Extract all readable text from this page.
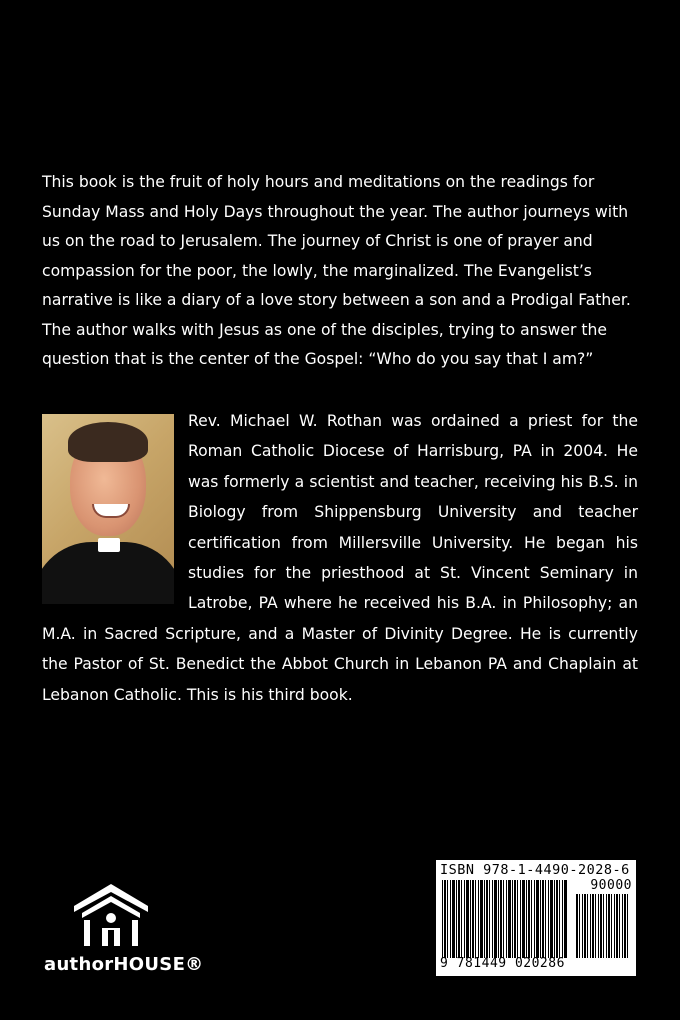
This book is the fruit of holy hours and meditations on the readings for Sunday Mass and Holy Days throughout the year. The author journeys with us on the road to Jerusalem. The journey of Christ is one of prayer and compassion for the poor, the lowly, the marginalized. The Evangelist’s narrative is like a diary of a love story between a son and a Prodigal Father. The author walks with Jesus as one of the disciples, trying to answer the question that is the center of the Gospel: “Who do you say that I am?”

Rev. Michael W. Rothan was ordained a priest for the Roman Catholic Diocese of Harrisburg, PA in 2004. He was formerly a scientist and teacher, receiving his B.S. in Biology from Shippensburg University and teacher certification from Millersville University. He began his studies for the priesthood at St. Vincent Seminary in Latrobe, PA where he received his B.A. in Philosophy; an M.A. in Sacred Scripture, and a Master of Divinity Degree. He is currently the Pastor of St. Benedict the Abbot Church in Lebanon PA and Chaplain at Lebanon Catholic. This is his third book.

authorHOUSE®
ISBN 978-1-4490-2028-6
90000
9 781449 020286
